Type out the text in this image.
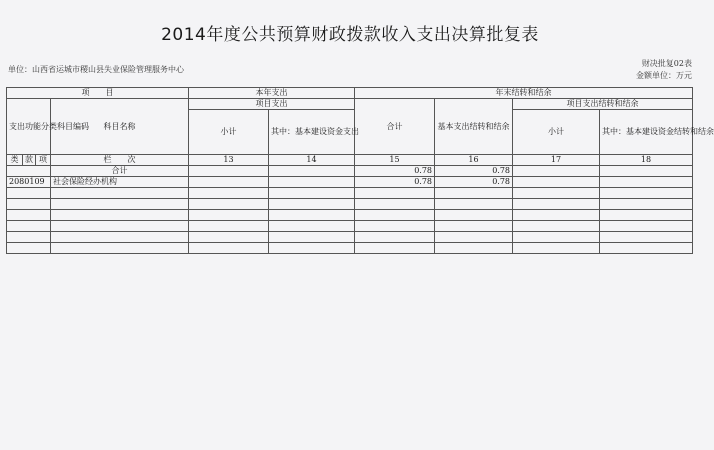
2014年度公共预算财政拨款收入支出决算批复表
单位：山西省运城市稷山县失业保险管理服务中心
财决批复02表
金额单位：万元
项　　目				本年支出		年末结转和结余			
支出功能分类科目编码			科目名称	项目支出		合计	基本支出结转和结余	项目支出结转和结余	
				小计	其中：基本建设资金支出			小计	其中：基本建设资金结转和结余
类	款	项	栏　　次	13	14	15	16	17	18
			合计			0.78	0.78		
2080109			社会保险经办机构			0.78	0.78		
